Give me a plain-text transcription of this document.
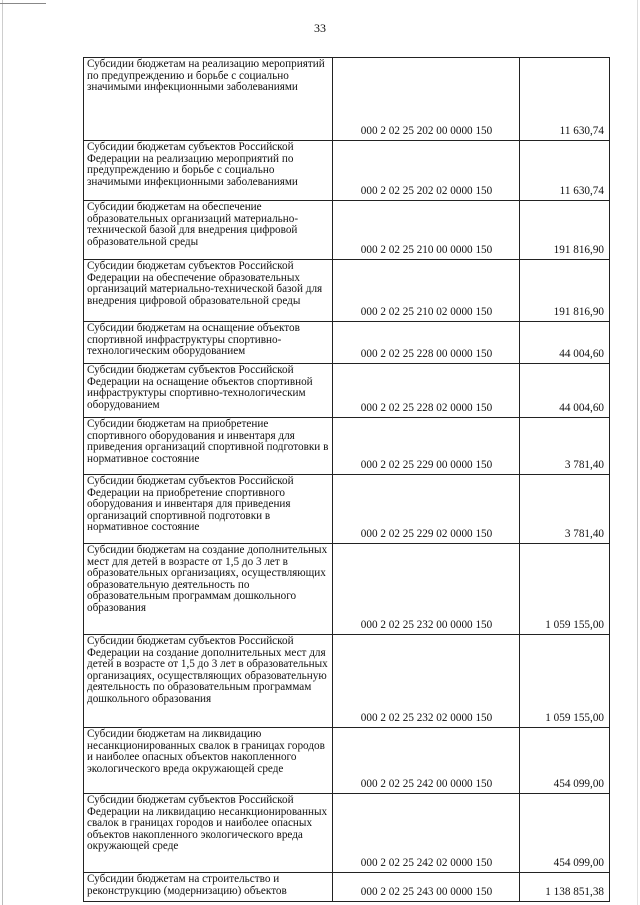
33
Субсидии бюджетам на реализацию мероприятий по предупреждению и борьбе с социально значимыми инфекционными заболеваниями	000 2 02 25 202 00 0000 150	11 630,74
Субсидии бюджетам субъектов Российской Федерации на реализацию мероприятий по предупреждению и борьбе с социально значимыми инфекционными заболеваниями	000 2 02 25 202 02 0000 150	11 630,74
Субсидии бюджетам на обеспечение образовательных организаций материально-технической базой для внедрения цифровой образовательной среды	000 2 02 25 210 00 0000 150	191 816,90
Субсидии бюджетам субъектов Российской Федерации на обеспечение образовательных организаций материально-технической базой для внедрения цифровой образовательной среды	000 2 02 25 210 02 0000 150	191 816,90
Субсидии бюджетам на оснащение объектов спортивной инфраструктуры спортивно-технологическим оборудованием	000 2 02 25 228 00 0000 150	44 004,60
Субсидии бюджетам субъектов Российской Федерации на оснащение объектов спортивной инфраструктуры спортивно-технологическим оборудованием	000 2 02 25 228 02 0000 150	44 004,60
Субсидии бюджетам на приобретение спортивного оборудования и инвентаря для приведения организаций спортивной подготовки в нормативное состояние	000 2 02 25 229 00 0000 150	3 781,40
Субсидии бюджетам субъектов Российской Федерации на приобретение спортивного оборудования и инвентаря для приведения организаций спортивной подготовки в нормативное состояние	000 2 02 25 229 02 0000 150	3 781,40
Субсидии бюджетам на создание дополнительных мест для детей в возрасте от 1,5 до 3 лет в образовательных организациях, осуществляющих образовательную деятельность по образовательным программам дошкольного образования	000 2 02 25 232 00 0000 150	1 059 155,00
Субсидии бюджетам субъектов Российской Федерации на создание дополнительных мест для детей в возрасте от 1,5 до 3 лет в образовательных организациях, осуществляющих образовательную деятельность по образовательным программам дошкольного образования	000 2 02 25 232 02 0000 150	1 059 155,00
Субсидии бюджетам на ликвидацию несанкционированных свалок в границах городов и наиболее опасных объектов накопленного экологического вреда окружающей среде	000 2 02 25 242 00 0000 150	454 099,00
Субсидии бюджетам субъектов Российской Федерации на ликвидацию несанкционированных свалок в границах городов и наиболее опасных объектов накопленного экологического вреда окружающей среде	000 2 02 25 242 02 0000 150	454 099,00
Субсидии бюджетам на строительство и реконструкцию (модернизацию) объектов	000 2 02 25 243 00 0000 150	1 138 851,38
